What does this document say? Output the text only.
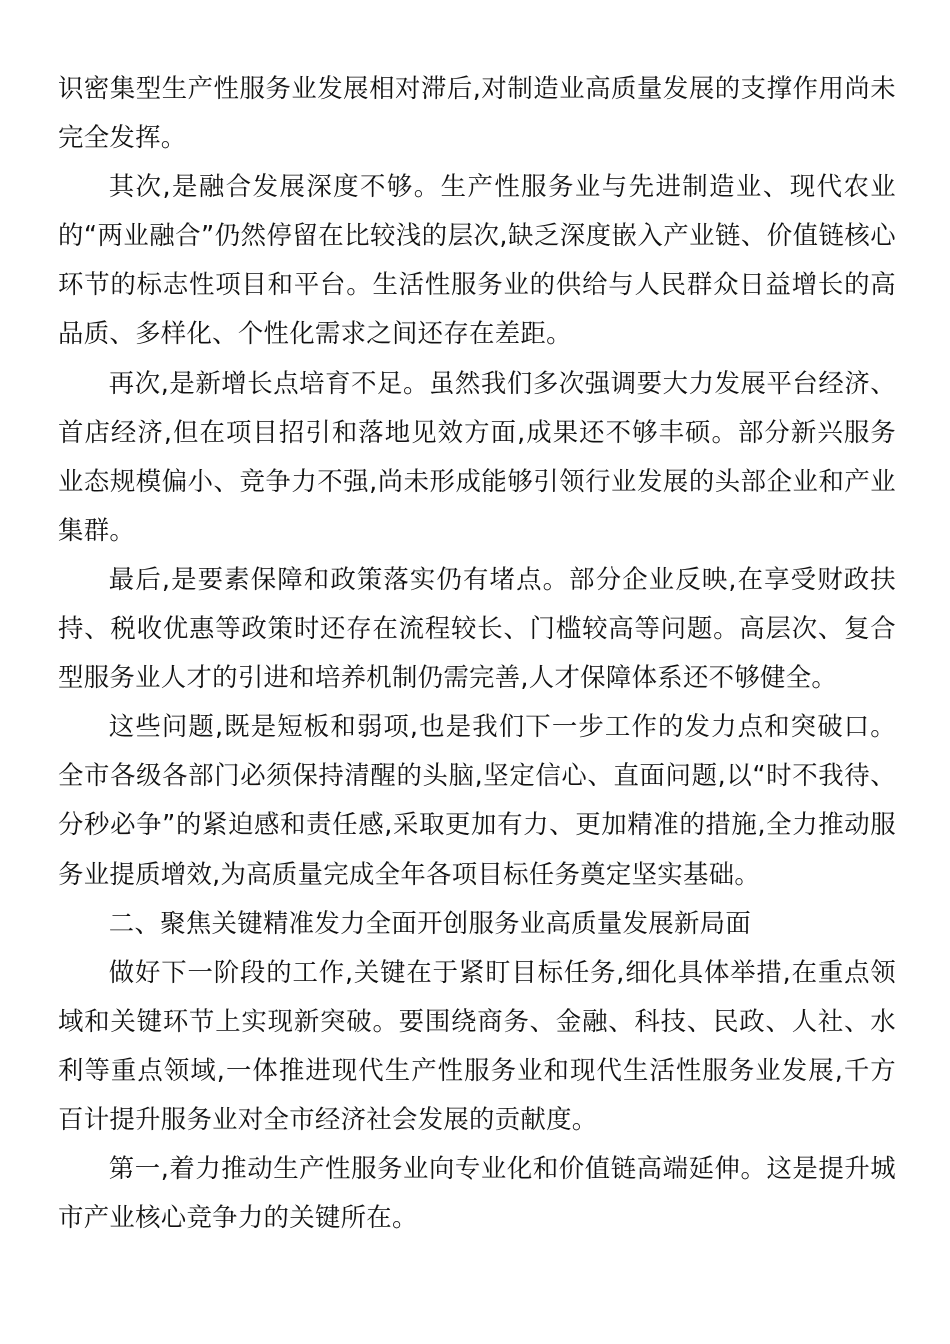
识密集型生产性服务业发展相对滞后,对制造业高质量发展的支撑作用尚未完全发挥。

其次,是融合发展深度不够。生产性服务业与先进制造业、现代农业的“两业融合”仍然停留在比较浅的层次,缺乏深度嵌入产业链、价值链核心环节的标志性项目和平台。生活性服务业的供给与人民群众日益增长的高品质、多样化、个性化需求之间还存在差距。

再次,是新增长点培育不足。虽然我们多次强调要大力发展平台经济、首店经济,但在项目招引和落地见效方面,成果还不够丰硕。部分新兴服务业态规模偏小、竞争力不强,尚未形成能够引领行业发展的头部企业和产业集群。

最后,是要素保障和政策落实仍有堵点。部分企业反映,在享受财政扶持、税收优惠等政策时还存在流程较长、门槛较高等问题。高层次、复合型服务业人才的引进和培养机制仍需完善,人才保障体系还不够健全。

这些问题,既是短板和弱项,也是我们下一步工作的发力点和突破口。全市各级各部门必须保持清醒的头脑,坚定信心、直面问题,以“时不我待、分秒必争”的紧迫感和责任感,采取更加有力、更加精准的措施,全力推动服务业提质增效,为高质量完成全年各项目标任务奠定坚实基础。

二、聚焦关键精准发力全面开创服务业高质量发展新局面

做好下一阶段的工作,关键在于紧盯目标任务,细化具体举措,在重点领域和关键环节上实现新突破。要围绕商务、金融、科技、民政、人社、水利等重点领域,一体推进现代生产性服务业和现代生活性服务业发展,千方百计提升服务业对全市经济社会发展的贡献度。

第一,着力推动生产性服务业向专业化和价值链高端延伸。这是提升城市产业核心竞争力的关键所在。
